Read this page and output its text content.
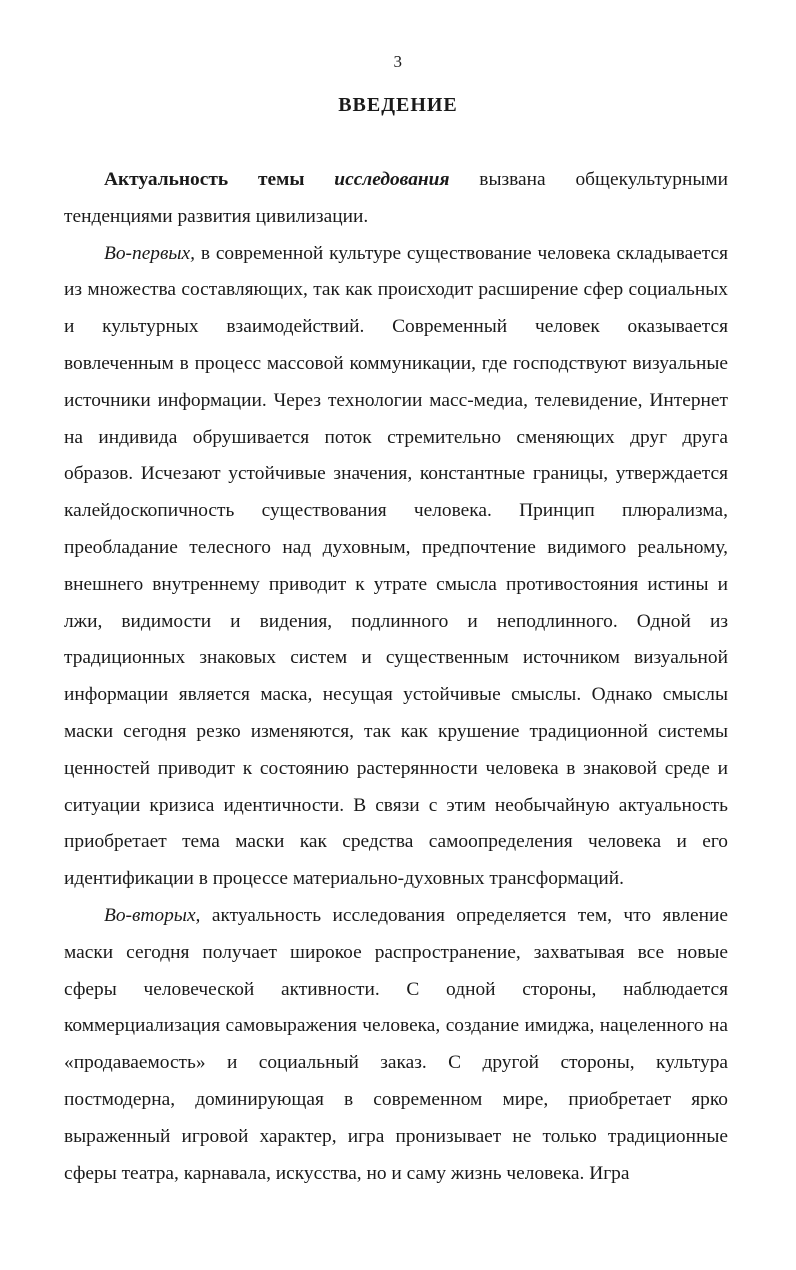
3
ВВЕДЕНИЕ

Актуальность темы исследования вызвана общекультурными тенденциями развития цивилизации.

Во-первых, в современной культуре существование человека складывается из множества составляющих, так как происходит расширение сфер социальных и культурных взаимодействий. Современный человек оказывается вовлеченным в процесс массовой коммуникации, где господствуют визуальные источники информации. Через технологии масс-медиа, телевидение, Интернет на индивида обрушивается поток стремительно сменяющих друг друга образов. Исчезают устойчивые значения, константные границы, утверждается калейдоскопичность существования человека. Принцип плюрализма, преобладание телесного над духовным, предпочтение видимого реальному, внешнего внутреннему приводит к утрате смысла противостояния истины и лжи, видимости и видения, подлинного и неподлинного. Одной из традиционных знаковых систем и существенным источником визуальной информации является маска, несущая устойчивые смыслы. Однако смыслы маски сегодня резко изменяются, так как крушение традиционной системы ценностей приводит к состоянию растерянности человека в знаковой среде и ситуации кризиса идентичности. В связи с этим необычайную актуальность приобретает тема маски как средства самоопределения человека и его идентификации в процессе материально-духовных трансформаций.

Во-вторых, актуальность исследования определяется тем, что явление маски сегодня получает широкое распространение, захватывая все новые сферы человеческой активности. С одной стороны, наблюдается коммерциализация самовыражения человека, создание имиджа, нацеленного на «продаваемость» и социальный заказ. С другой стороны, культура постмодерна, доминирующая в современном мире, приобретает ярко выраженный игровой характер, игра пронизывает не только традиционные сферы театра, карнавала, искусства, но и саму жизнь человека. Игра
